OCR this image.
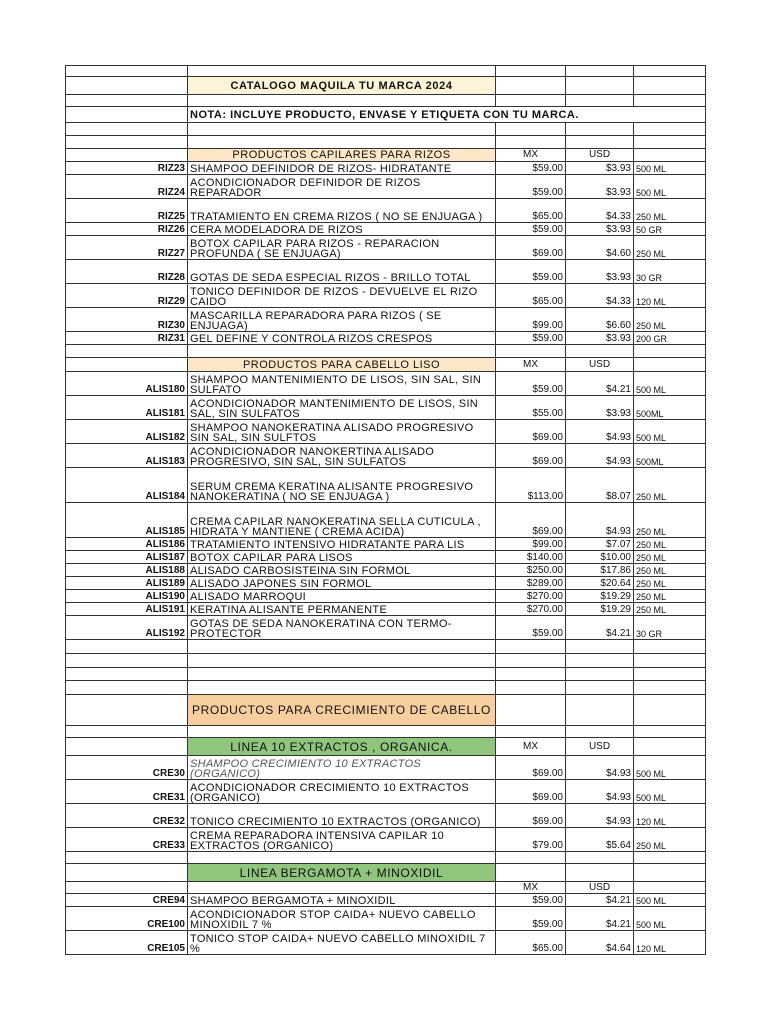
	CATALOGO MAQUILA TU MARCA 2024			

	NOTA: INCLUYE PRODUCTO, ENVASE Y ETIQUETA CON TU MARCA.			

	PRODUCTOS CAPILARES PARA RIZOS	MX	USD	
RIZ23	SHAMPOO DEFINIDOR DE RIZOS- HIDRATANTE	$59.00	$3.93	500 ML
RIZ24	ACONDICIONADOR DEFINIDOR DE RIZOS REPARADOR	$59.00	$3.93	500 ML
RIZ25	TRATAMIENTO EN CREMA RIZOS ( NO SE ENJUAGA )	$65.00	$4.33	250 ML
RIZ26	CERA MODELADORA DE RIZOS	$59.00	$3.93	50 GR
RIZ27	BOTOX CAPILAR PARA RIZOS - REPARACION PROFUNDA ( SE ENJUAGA)	$69.00	$4.60	250 ML
RIZ28	GOTAS DE SEDA ESPECIAL RIZOS - BRILLO TOTAL	$59.00	$3.93	30 GR
RIZ29	TONICO DEFINIDOR DE RIZOS - DEVUELVE EL RIZO CAIDO	$65.00	$4.33	120 ML
RIZ30	MASCARILLA REPARADORA PARA RIZOS ( SE ENJUAGA)	$99.00	$6.60	250 ML
RIZ31	GEL DEFINE Y CONTROLA RIZOS CRESPOS	$59.00	$3.93	200 GR

	PRODUCTOS PARA CABELLO LISO	MX	USD	
ALIS180	SHAMPOO MANTENIMIENTO DE LISOS, SIN SAL, SIN SULFATO	$59.00	$4.21	500 ML
ALIS181	ACONDICIONADOR MANTENIMIENTO DE LISOS, SIN SAL, SIN SULFATOS	$55.00	$3.93	500ML
ALIS182	SHAMPOO NANOKERATINA ALISADO PROGRESIVO SIN SAL, SIN SULFTOS	$69.00	$4.93	500 ML
ALIS183	ACONDICIONADOR NANOKERTINA ALISADO PROGRESIVO, SIN SAL, SIN SULFATOS	$69.00	$4.93	500ML
ALIS184	SERUM CREMA KERATINA ALISANTE PROGRESIVO NANOKERATINA ( NO SE ENJUAGA )	$113.00	$8.07	250 ML
ALIS185	CREMA CAPILAR NANOKERATINA SELLA CUTICULA , HIDRATA Y MANTIENE ( CREMA ACIDA)	$69.00	$4.93	250 ML
ALIS186	TRATAMIENTO INTENSIVO HIDRATANTE PARA LIS	$99.00	$7.07	250 ML
ALIS187	BOTOX CAPILAR PARA LISOS	$140.00	$10.00	250 ML
ALIS188	ALISADO CARBOSISTEINA SIN FORMOL	$250.00	$17.86	250 ML
ALIS189	ALISADO JAPONES SIN FORMOL	$289.00	$20.64	250 ML
ALIS190	ALISADO MARROQUI	$270.00	$19.29	250 ML
ALIS191	KERATINA ALISANTE PERMANENTE	$270.00	$19.29	250 ML
ALIS192	GOTAS DE SEDA NANOKERATINA CON TERMO-PROTECTOR	$59.00	$4.21	30 GR

	PRODUCTOS PARA CRECIMIENTO DE CABELLO			

	LINEA 10 EXTRACTOS , ORGANICA.	MX	USD	
CRE30	SHAMPOO CRECIMIENTO 10 EXTRACTOS (ORGANICO)	$69.00	$4.93	500 ML
CRE31	ACONDICIONADOR CRECIMIENTO 10 EXTRACTOS (ORGANICO)	$69.00	$4.93	500 ML
CRE32	TONICO CRECIMIENTO 10 EXTRACTOS (ORGANICO)	$69.00	$4.93	120 ML
CRE33	CREMA REPARADORA INTENSIVA CAPILAR 10 EXTRACTOS (ORGANICO)	$79.00	$5.64	250 ML

	LINEA BERGAMOTA + MINOXIDIL			
		MX	USD	
CRE94	SHAMPOO BERGAMOTA + MINOXIDIL	$59.00	$4.21	500 ML
CRE100	ACONDICIONADOR STOP CAIDA+ NUEVO CABELLO MINOXIDIL 7 %	$59.00	$4.21	500 ML
CRE105	TONICO STOP CAIDA+ NUEVO CABELLO MINOXIDIL 7 %	$65.00	$4.64	120 ML
